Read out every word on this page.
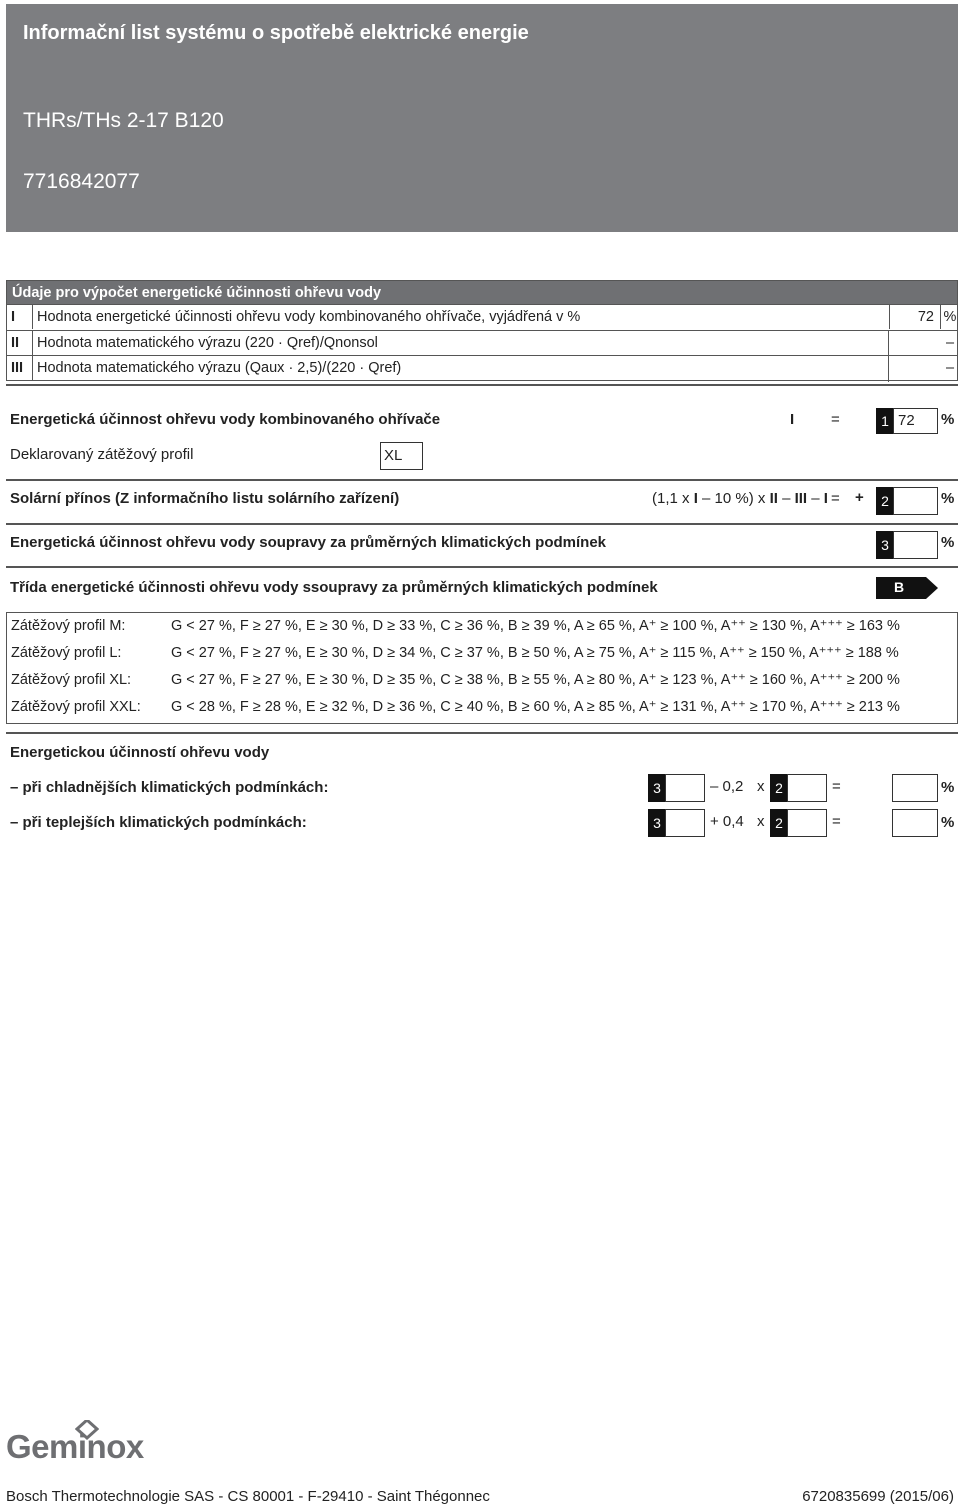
Informační list systému o spotřebě elektrické energie
THRs/THs 2-17 B120
7716842077
Údaje pro výpočet energetické účinnosti ohřevu vody
I	Hodnota energetické účinnosti ohřevu vody kombinovaného ohřívače, vyjádřená v %	72 %
II	Hodnota matematického výrazu (220 · Qref)/Qnonsol	–
III Hodnota matematického výrazu (Qaux · 2,5)/(220 · Qref)	–
Energetická účinnost ohřevu vody kombinovaného ohřívače	I =	1 72	%
Deklarovaný zátěžový profil	XL
Solární přínos (Z informačního listu solárního zařízení)	(1,1 x I – 10 %) x II – III – I = +	2	%
Energetická účinnost ohřevu vody soupravy za průměrných klimatických podmínek	3	%
Třída energetické účinnosti ohřevu vody ssoupravy za průměrných klimatických podmínek	B
Zátěžový profil M:	G < 27 %, F ≥ 27 %, E ≥ 30 %, D ≥ 33 %, C ≥ 36 %, B ≥ 39 %, A ≥ 65 %, A⁺ ≥ 100 %, A⁺⁺ ≥ 130 %, A⁺⁺⁺ ≥ 163 %
Zátěžový profil L:	G < 27 %, F ≥ 27 %, E ≥ 30 %, D ≥ 34 %, C ≥ 37 %, B ≥ 50 %, A ≥ 75 %, A⁺ ≥ 115 %, A⁺⁺ ≥ 150 %, A⁺⁺⁺ ≥ 188 %
Zátěžový profil XL:	G < 27 %, F ≥ 27 %, E ≥ 30 %, D ≥ 35 %, C ≥ 38 %, B ≥ 55 %, A ≥ 80 %, A⁺ ≥ 123 %, A⁺⁺ ≥ 160 %, A⁺⁺⁺ ≥ 200 %
Zátěžový profil XXL: G < 28 %, F ≥ 28 %, E ≥ 32 %, D ≥ 36 %, C ≥ 40 %, B ≥ 60 %, A ≥ 85 %, A⁺ ≥ 131 %, A⁺⁺ ≥ 170 %, A⁺⁺⁺ ≥ 213 %
Energetickou účinností ohřevu vody
– při chladnějších klimatických podmínkách:	3	– 0,2 x 2	=	%
– při teplejších klimatických podmínkách:	3	+ 0,4 x 2	=	%
Geminox
Bosch Thermotechnologie SAS - CS 80001 - F-29410 - Saint Thégonnec	6720835699 (2015/06)
